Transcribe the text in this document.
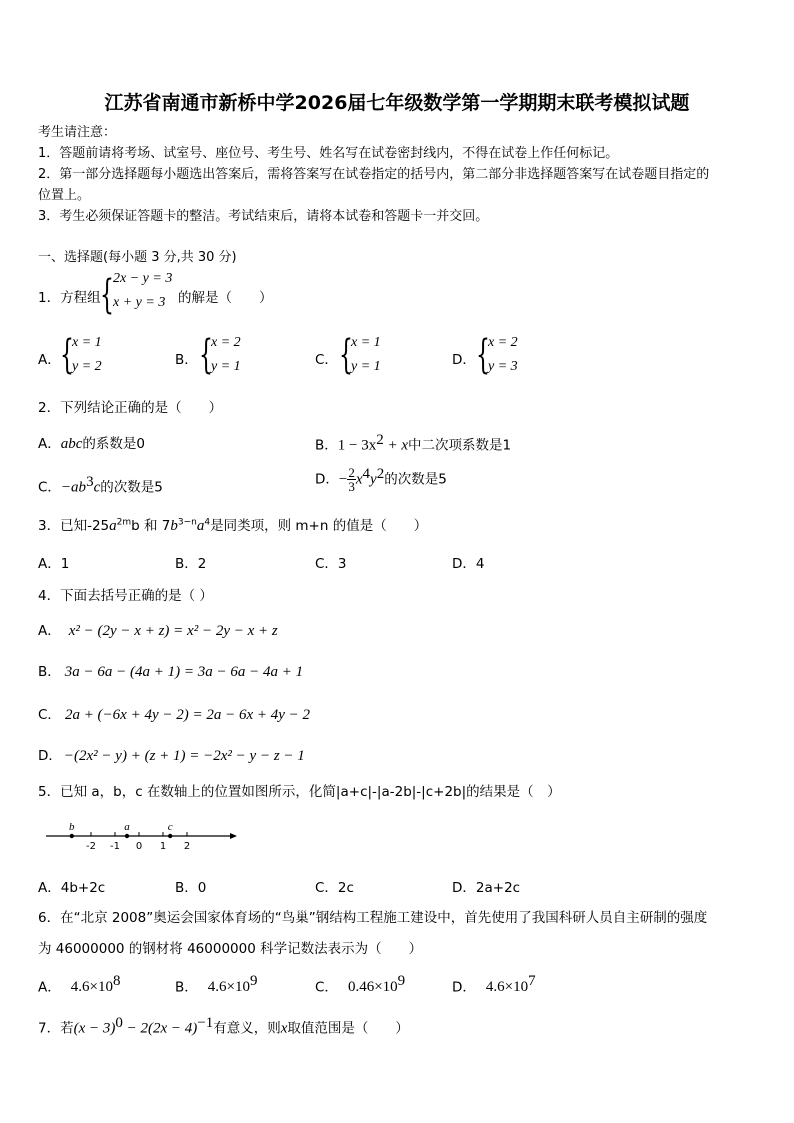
江苏省南通市新桥中学2026届七年级数学第一学期期末联考模拟试题
考生请注意：
1．答题前请将考场、试室号、座位号、考生号、姓名写在试卷密封线内，不得在试卷上作任何标记。
2．第一部分选择题每小题选出答案后，需将答案写在试卷指定的括号内，第二部分非选择题答案写在试卷题目指定的
位置上。
3．考生必须保证答题卡的整洁。考试结束后，请将本试卷和答题卡一并交回。
一、选择题(每小题 3 分,共 30 分)
1．方程组 { 2x − y = 3
x + y = 3 的解是（　　）
A． {
x = 1
y = 2	B． {
x = 2
y = 1	C． {
x = 1
y = 1	D． {
x = 2
y = 3
2．下列结论正确的是（　　）
A．abc的系数是0	B．$1 - 3x^2 + x$中二次项系数是1
C．$-ab^3c$的次数是5	D．− $\frac{2}{3} x^4y^2$的次数是5
3．已知$-25a^{2m}b$ 和 $7b^{3-n}a^4$是同类项，则 m+n 的值是（　　）
A．1	B．2	C．3	D．4
4．下面去括号正确的是（ ）
A． x² − (2y − x + z) = x² − 2y − x + z
B． 3a − 6a − (4a + 1) = 3a − 6a − 4a + 1
C． 2a + (−6x + 4y − 2) = 2a − 6x + 4y − 2
D． −(2x² − y) + (z + 1) = −2x² − y − z − 1
5．已知 a，b，c 在数轴上的位置如图所示，化简|a+c|-|a-2b|-|c+2b|的结果是（　）
-2 -1 0 1 2
b	a	c
A．4b+2c	B．0	C．2c	D．2a+2c
6．在“北京 2008”奥运会国家体育场的“鸟巢”钢结构工程施工建设中，首先使用了我国科研人员自主研制的强度
为 46000000 的钢材将 46000000 科学记数法表示为（　　）
A． $4.6\times 10^8$	B． $4.6\times 10^9$	C． $0.46\times 10^9$	D． $4.6\times 10^7$
7．若$(x - 3)^0 - 2(2x - 4)^{-1}$有意义，则x取值范围是（　　）
